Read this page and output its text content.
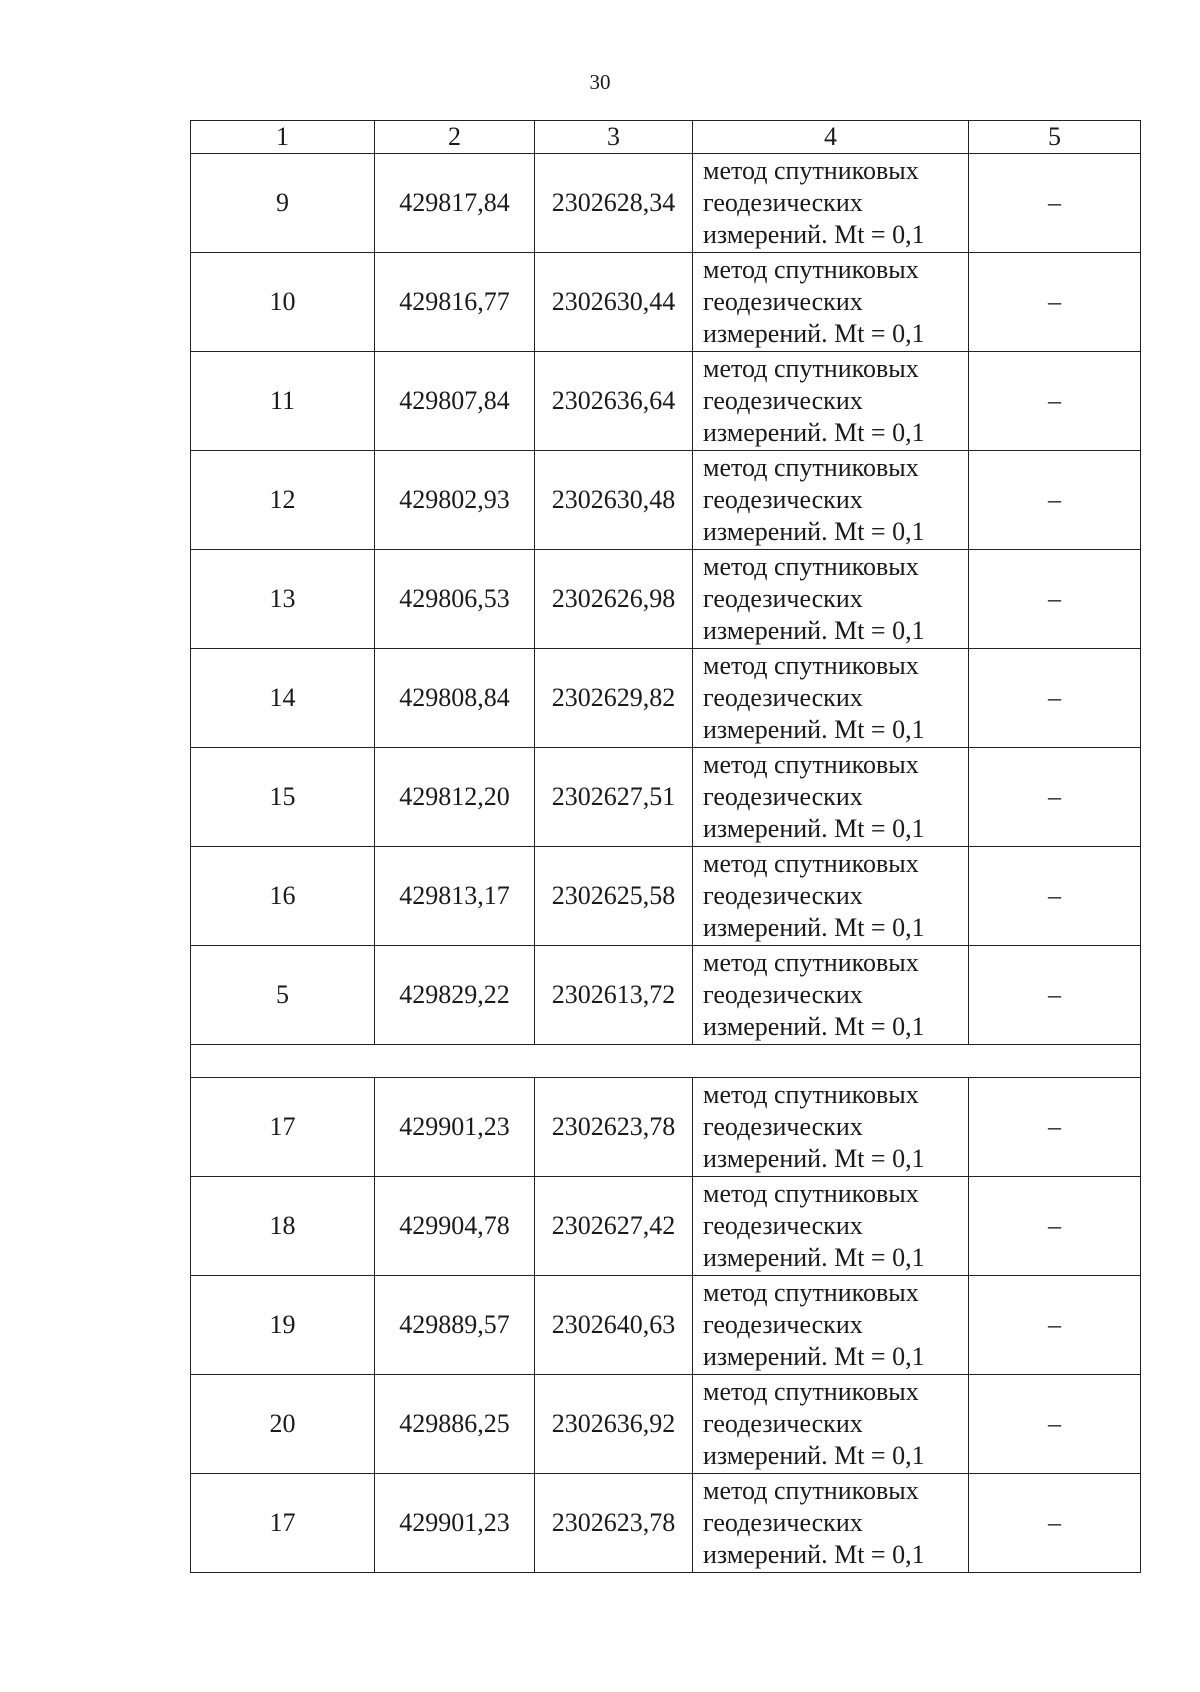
30
1	2	3	4	5
9	429817,84	2302628,34	метод спутниковых
геодезических
измерений. Mt = 0,1	–
10	429816,77	2302630,44	метод спутниковых
геодезических
измерений. Mt = 0,1	–
11	429807,84	2302636,64	метод спутниковых
геодезических
измерений. Mt = 0,1	–
12	429802,93	2302630,48	метод спутниковых
геодезических
измерений. Mt = 0,1	–
13	429806,53	2302626,98	метод спутниковых
геодезических
измерений. Mt = 0,1	–
14	429808,84	2302629,82	метод спутниковых
геодезических
измерений. Mt = 0,1	–
15	429812,20	2302627,51	метод спутниковых
геодезических
измерений. Mt = 0,1	–
16	429813,17	2302625,58	метод спутниковых
геодезических
измерений. Mt = 0,1	–
5	429829,22	2302613,72	метод спутниковых
геодезических
измерений. Mt = 0,1	–

17	429901,23	2302623,78	метод спутниковых
геодезических
измерений. Mt = 0,1	–
18	429904,78	2302627,42	метод спутниковых
геодезических
измерений. Mt = 0,1	–
19	429889,57	2302640,63	метод спутниковых
геодезических
измерений. Mt = 0,1	–
20	429886,25	2302636,92	метод спутниковых
геодезических
измерений. Mt = 0,1	–
17	429901,23	2302623,78	метод спутниковых
геодезических
измерений. Mt = 0,1	–
